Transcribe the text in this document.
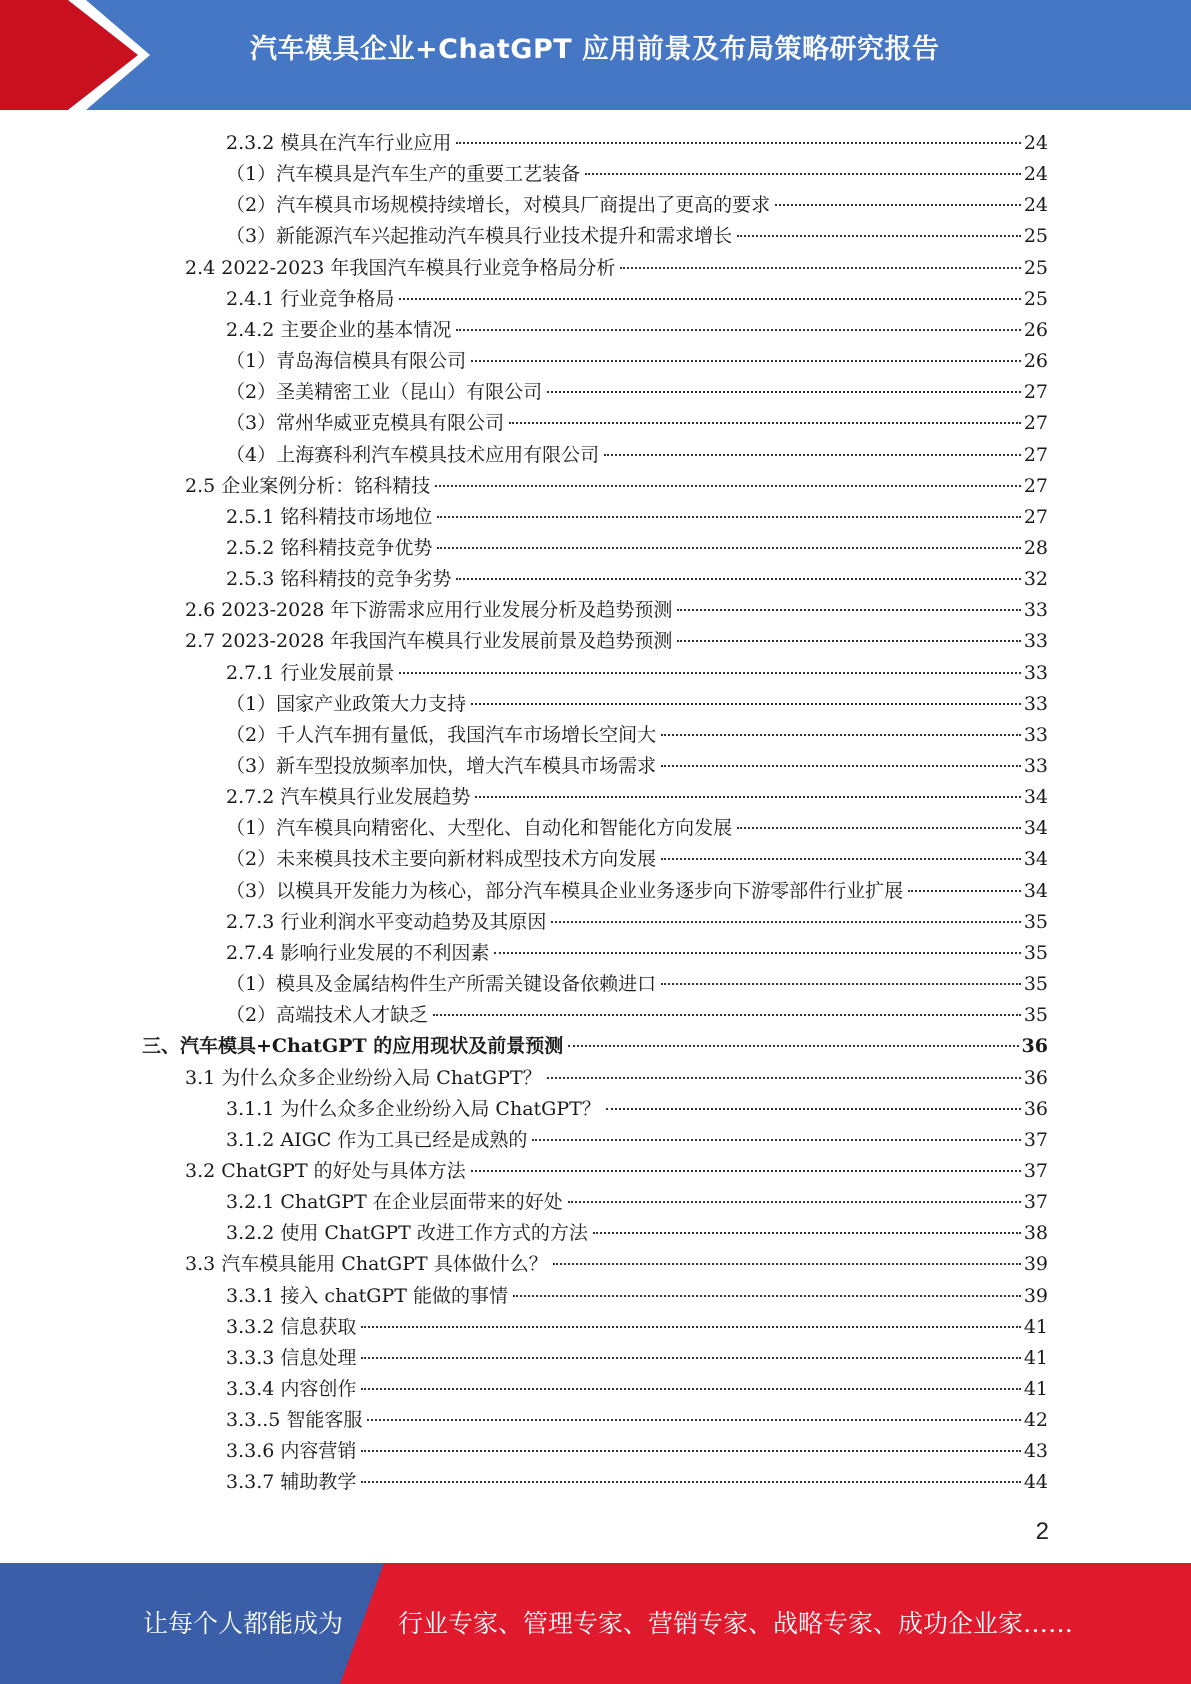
汽车模具企业+ChatGPT 应用前景及布局策略研究报告
2.3.2 模具在汽车行业应用	24
（1）汽车模具是汽车生产的重要工艺装备	24
（2）汽车模具市场规模持续增长，对模具厂商提出了更高的要求	24
（3）新能源汽车兴起推动汽车模具行业技术提升和需求增长	25
2.4 2022-2023 年我国汽车模具行业竞争格局分析	25
2.4.1 行业竞争格局	25
2.4.2 主要企业的基本情况	26
（1）青岛海信模具有限公司	26
（2）圣美精密工业（昆山）有限公司	27
（3）常州华威亚克模具有限公司	27
（4）上海赛科利汽车模具技术应用有限公司	27
2.5 企业案例分析：铭科精技	27
2.5.1 铭科精技市场地位	27
2.5.2 铭科精技竞争优势	28
2.5.3 铭科精技的竞争劣势	32
2.6 2023-2028 年下游需求应用行业发展分析及趋势预测	33
2.7 2023-2028 年我国汽车模具行业发展前景及趋势预测	33
2.7.1 行业发展前景	33
（1）国家产业政策大力支持	33
（2）千人汽车拥有量低，我国汽车市场增长空间大	33
（3）新车型投放频率加快，增大汽车模具市场需求	33
2.7.2 汽车模具行业发展趋势	34
（1）汽车模具向精密化、大型化、自动化和智能化方向发展	34
（2）未来模具技术主要向新材料成型技术方向发展	34
（3）以模具开发能力为核心，部分汽车模具企业业务逐步向下游零部件行业扩展	34
2.7.3 行业利润水平变动趋势及其原因	35
2.7.4 影响行业发展的不利因素	35
（1）模具及金属结构件生产所需关键设备依赖进口	35
（2）高端技术人才缺乏	35
三、汽车模具+ChatGPT 的应用现状及前景预测	36
3.1 为什么众多企业纷纷入局 ChatGPT？	36
3.1.1 为什么众多企业纷纷入局 ChatGPT？	36
3.1.2 AIGC 作为工具已经是成熟的	37
3.2 ChatGPT 的好处与具体方法	37
3.2.1 ChatGPT 在企业层面带来的好处	37
3.2.2 使用 ChatGPT 改进工作方式的方法	38
3.3 汽车模具能用 ChatGPT 具体做什么？	39
3.3.1 接入 chatGPT 能做的事情	39
3.3.2 信息获取	41
3.3.3 信息处理	41
3.3.4 内容创作	41
3.3..5 智能客服	42
3.3.6 内容营销	43
3.3.7 辅助教学	44
2
让每个人都能成为 行业专家、管理专家、营销专家、战略专家、成功企业家……
